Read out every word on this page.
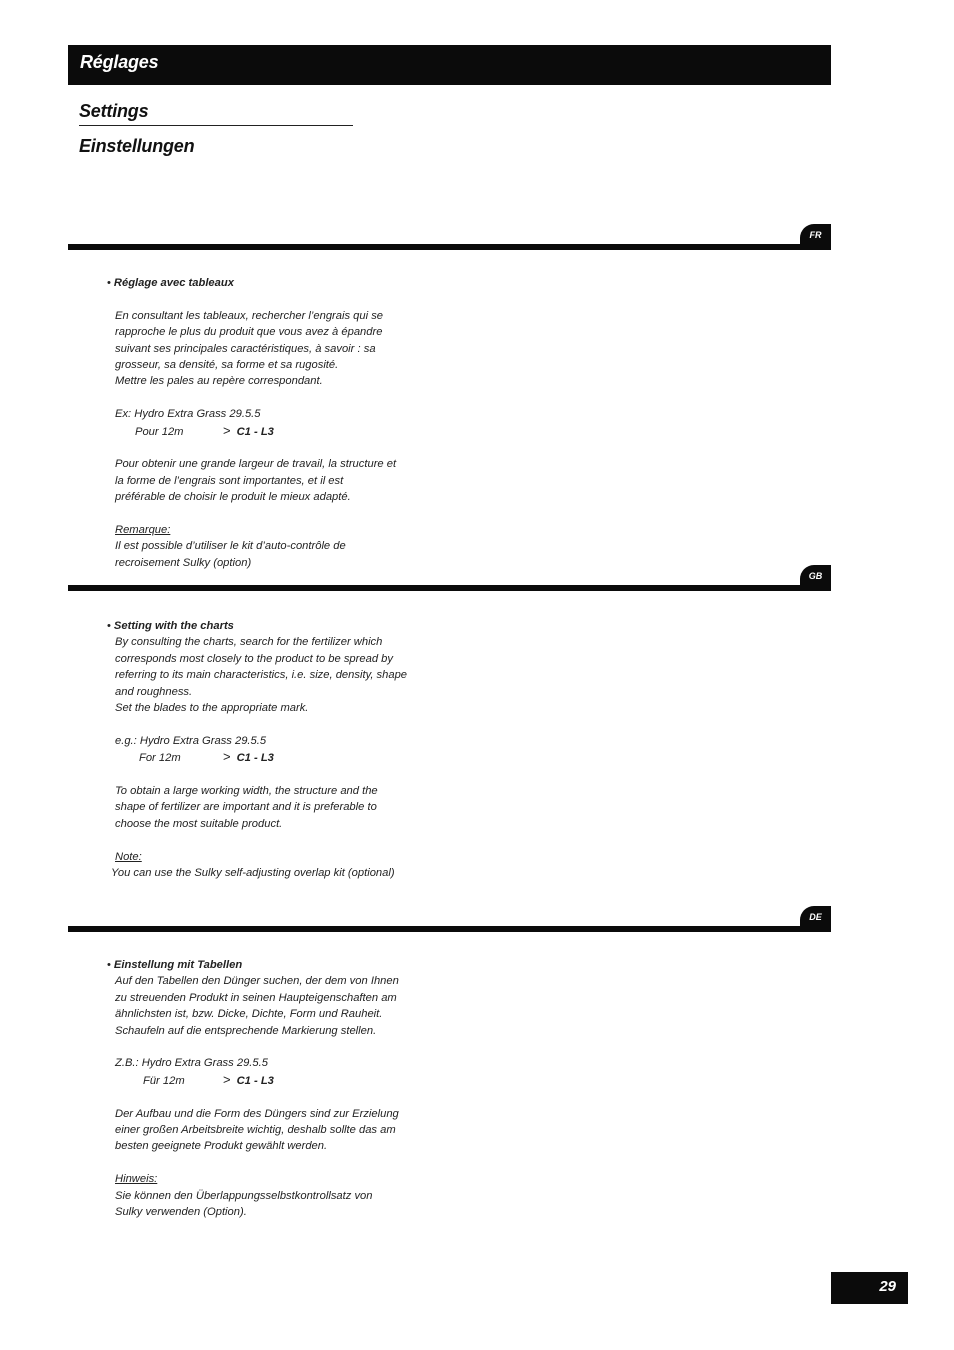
Réglages
Settings
Einstellungen
FR

• Réglage avec tableaux

En consultant les tableaux, rechercher l’engrais qui se

rapproche le plus du produit que vous avez à épandre

suivant ses principales caractéristiques, à savoir : sa

grosseur, sa densité, sa forme et sa rugosité.

Mettre les pales au repère correspondant.

Ex: Hydro Extra Grass 29.5.5

Pour 12m	> C1 - L3

Pour obtenir une grande largeur de travail, la structure et

la forme de l’engrais sont importantes, et il est

préférable de choisir le produit le mieux adapté.

Remarque:

Il est possible d’utiliser le kit d’auto-contrôle de

recroisement Sulky (option)

GB

• Setting with the charts

By consulting the charts, search for the fertilizer which

corresponds most closely to the product to be spread by

referring to its main characteristics, i.e. size, density, shape

and roughness.

Set the blades to the appropriate mark.

e.g.: Hydro Extra Grass 29.5.5

For 12m	> C1 - L3

To obtain a large working width, the structure and the

shape of fertilizer are important and it is preferable to

choose the most suitable product.

Note:

You can use the Sulky self-adjusting overlap kit (optional)

DE

• Einstellung mit Tabellen

Auf den Tabellen den Dünger suchen, der dem von Ihnen

zu streuenden Produkt in seinen Haupteigenschaften am

ähnlichsten ist, bzw. Dicke, Dichte, Form und Rauheit.

Schaufeln auf die entsprechende Markierung stellen.

Z.B.: Hydro Extra Grass 29.5.5

Für 12m	> C1 - L3

Der Aufbau und die Form des Düngers sind zur Erzielung

einer großen Arbeitsbreite wichtig, deshalb sollte das am

besten geeignete Produkt gewählt werden.

Hinweis:

Sie können den Überlappungsselbstkontrollsatz von

Sulky verwenden (Option).

29
